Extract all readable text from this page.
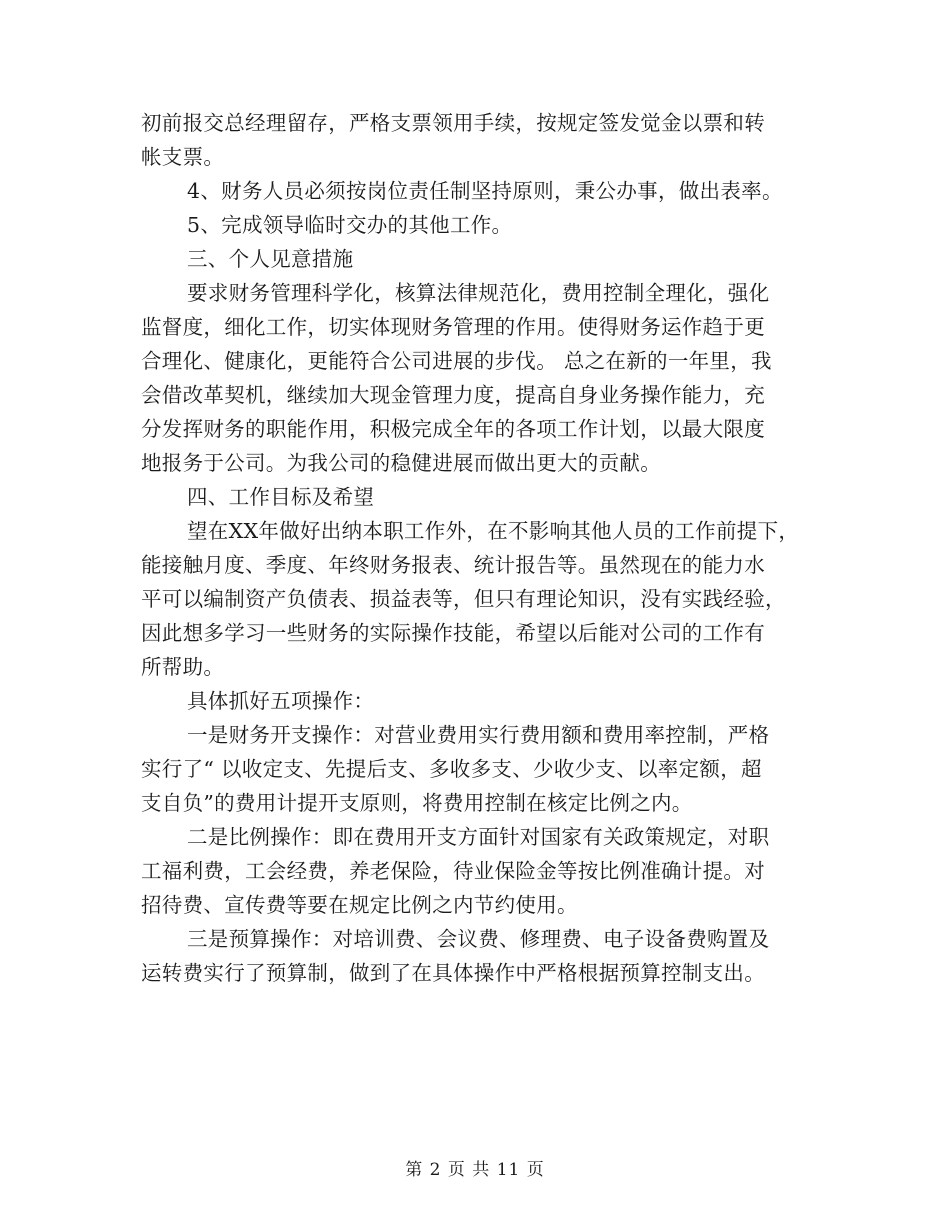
初前报交总经理留存，严格支票领用手续，按规定签发觉金以票和转
帐支票。
4、财务人员必须按岗位责任制坚持原则，秉公办事，做出表率。
5、完成领导临时交办的其他工作。
三、个人见意措施
要求财务管理科学化，核算法律规范化，费用控制全理化，强化
监督度，细化工作，切实体现财务管理的作用。使得财务运作趋于更
合理化、健康化，更能符合公司进展的步伐。 总之在新的一年里，我
会借改革契机，继续加大现金管理力度，提高自身业务操作能力，充
分发挥财务的职能作用，积极完成全年的各项工作计划，以最大限度
地报务于公司。为我公司的稳健进展而做出更大的贡献。
四、工作目标及希望
望在XX年做好出纳本职工作外，在不影响其他人员的工作前提下，
能接触月度、季度、年终财务报表、统计报告等。虽然现在的能力水
平可以编制资产负债表、损益表等，但只有理论知识，没有实践经验，
因此想多学习一些财务的实际操作技能，希望以后能对公司的工作有
所帮助。
具体抓好五项操作：
一是财务开支操作：对营业费用实行费用额和费用率控制，严格
实行了“ 以收定支、先提后支、多收多支、少收少支、以率定额，超
支自负”的费用计提开支原则，将费用控制在核定比例之内。
二是比例操作：即在费用开支方面针对国家有关政策规定，对职
工福利费，工会经费，养老保险，待业保险金等按比例准确计提。对
招待费、宣传费等要在规定比例之内节约使用。
三是预算操作：对培训费、会议费、修理费、电子设备费购置及
运转费实行了预算制，做到了在具体操作中严格根据预算控制支出。
第 2 页 共 11 页
